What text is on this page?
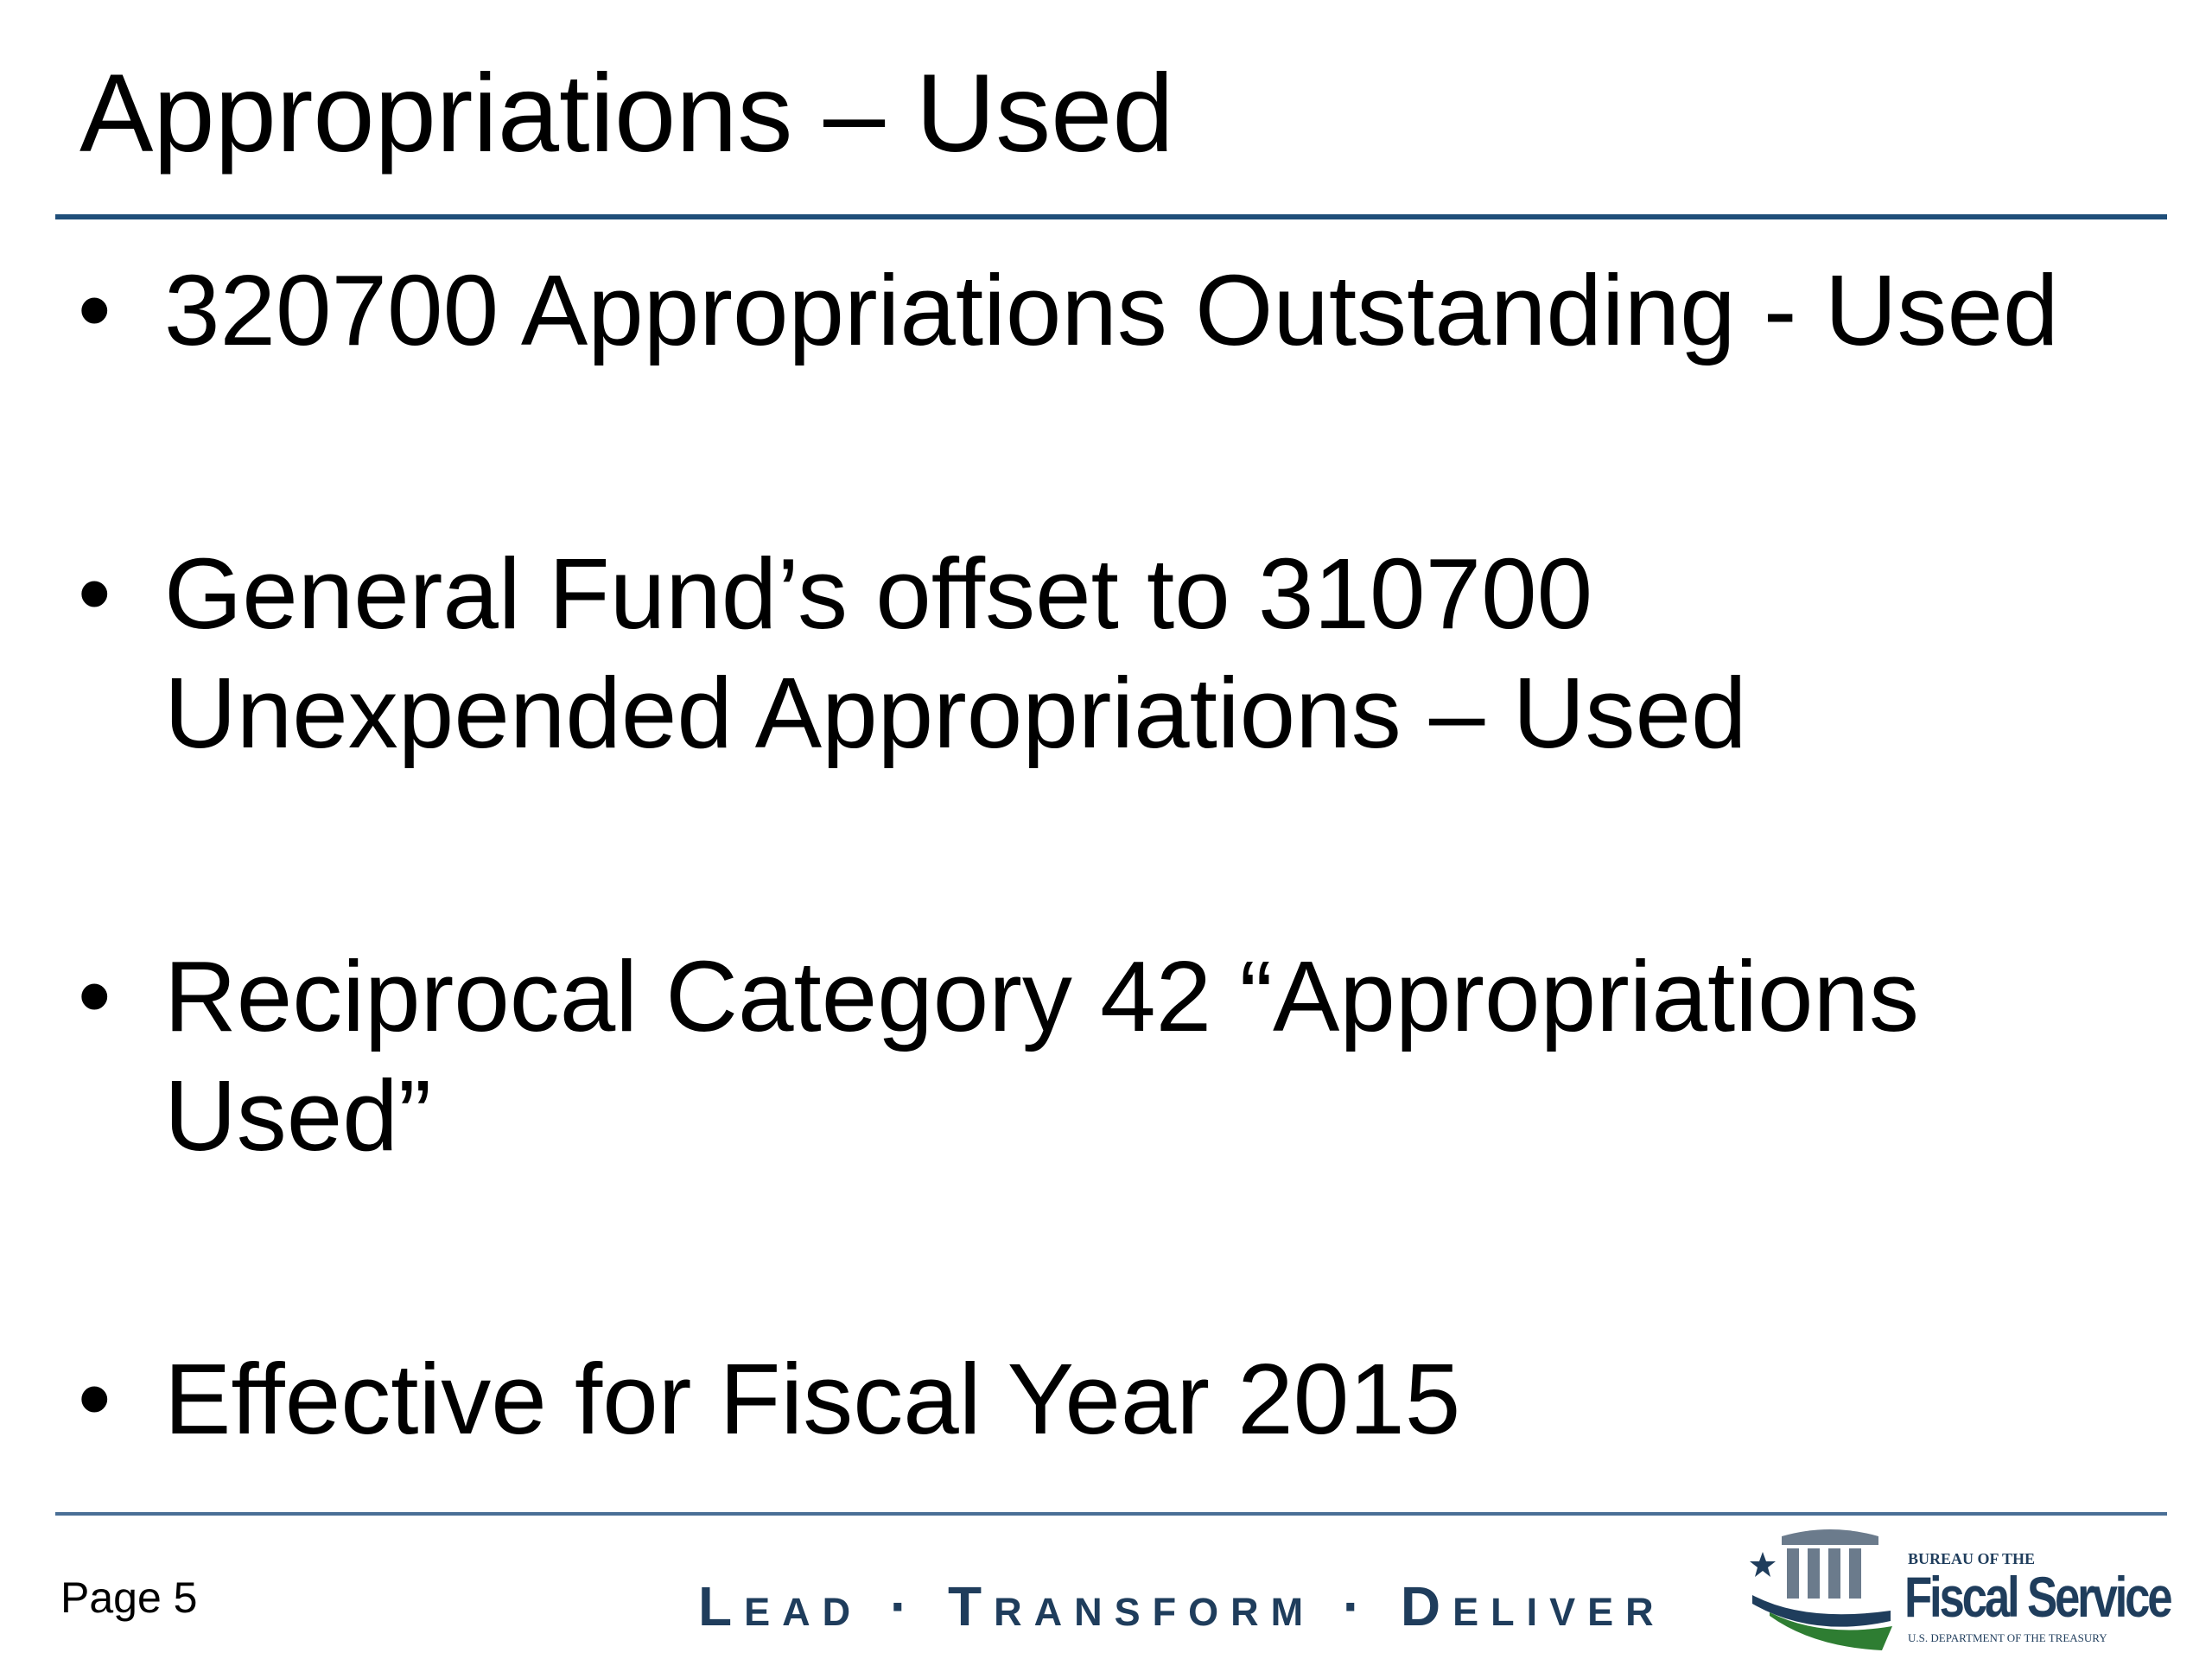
Appropriations – Used
• 320700 Appropriations Outstanding - Used
• General Fund’s offset to 310700 Unexpended Appropriations – Used
• Reciprocal Category 42 “Appropriations Used”
• Effective for Fiscal Year 2015
Page 5	Lead · Transform · Deliver
BUREAU OF THE
Fiscal Service
U.S. DEPARTMENT OF THE TREASURY
